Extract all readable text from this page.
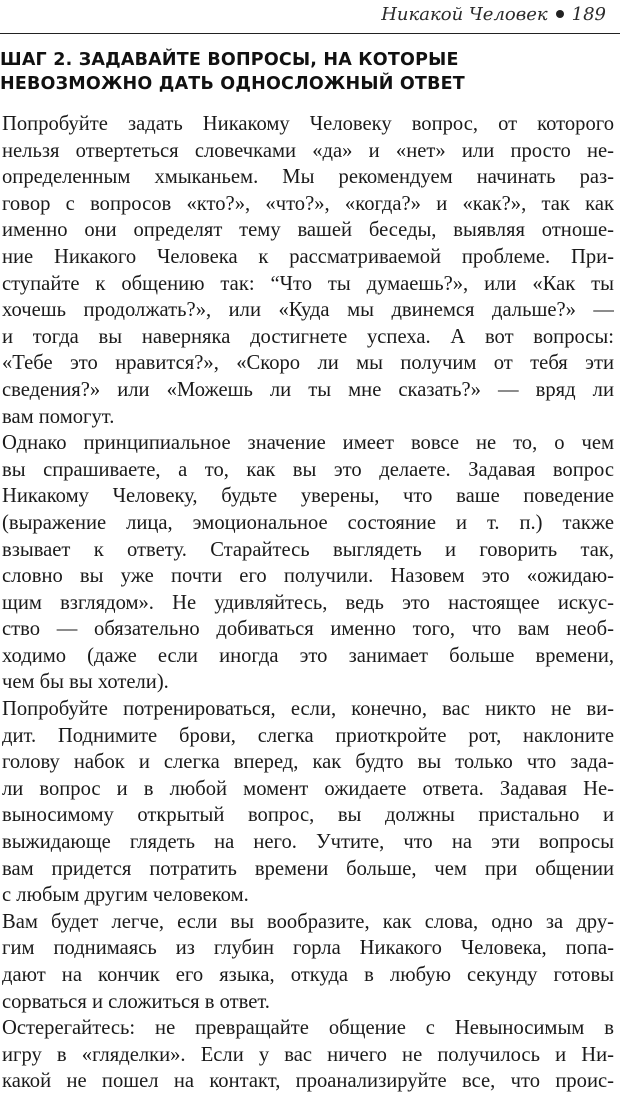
Никакой Человек 189
ШАГ 2. ЗАДАВАЙТЕ ВОПРОСЫ, НА КОТОРЫЕ
НЕВОЗМОЖНО ДАТЬ ОДНОСЛОЖНЫЙ ОТВЕТ
Попробуйте задать Никакому Человеку вопрос, от которого
нельзя отвертеться словечками «да» и «нет» или просто не-
определенным хмыканьем. Мы рекомендуем начинать раз-
говор с вопросов «кто?», «что?», «когда?» и «как?», так как
именно они определят тему вашей беседы, выявляя отноше-
ние Никакого Человека к рассматриваемой проблеме. При-
ступайте к общению так: “Что ты думаешь?», или «Как ты
хочешь продолжать?», или «Куда мы двинемся дальше?» —
и тогда вы наверняка достигнете успеха. А вот вопросы:
«Тебе это нравится?», «Скоро ли мы получим от тебя эти
сведения?» или «Можешь ли ты мне сказать?» — вряд ли
вам помогут.
Однако принципиальное значение имеет вовсе не то, о чем
вы спрашиваете, а то, как вы это делаете. Задавая вопрос
Никакому Человеку, будьте уверены, что ваше поведение
(выражение лица, эмоциональное состояние и т. п.) также
взывает к ответу. Старайтесь выглядеть и говорить так,
словно вы уже почти его получили. Назовем это «ожидаю-
щим взглядом». Не удивляйтесь, ведь это настоящее искус-
ство — обязательно добиваться именно того, что вам необ-
ходимо (даже если иногда это занимает больше времени,
чем бы вы хотели).
Попробуйте потренироваться, если, конечно, вас никто не ви-
дит. Поднимите брови, слегка приоткройте рот, наклоните
голову набок и слегка вперед, как будто вы только что зада-
ли вопрос и в любой момент ожидаете ответа. Задавая Не-
выносимому открытый вопрос, вы должны пристально и
выжидающе глядеть на него. Учтите, что на эти вопросы
вам придется потратить времени больше, чем при общении
с любым другим человеком.
Вам будет легче, если вы вообразите, как слова, одно за дру-
гим поднимаясь из глубин горла Никакого Человека, попа-
дают на кончик его языка, откуда в любую секунду готовы
сорваться и сложиться в ответ.
Остерегайтесь: не превращайте общение с Невыносимым в
игру в «гляделки». Если у вас ничего не получилось и Ни-
какой не пошел на контакт, проанализируйте все, что проис-
